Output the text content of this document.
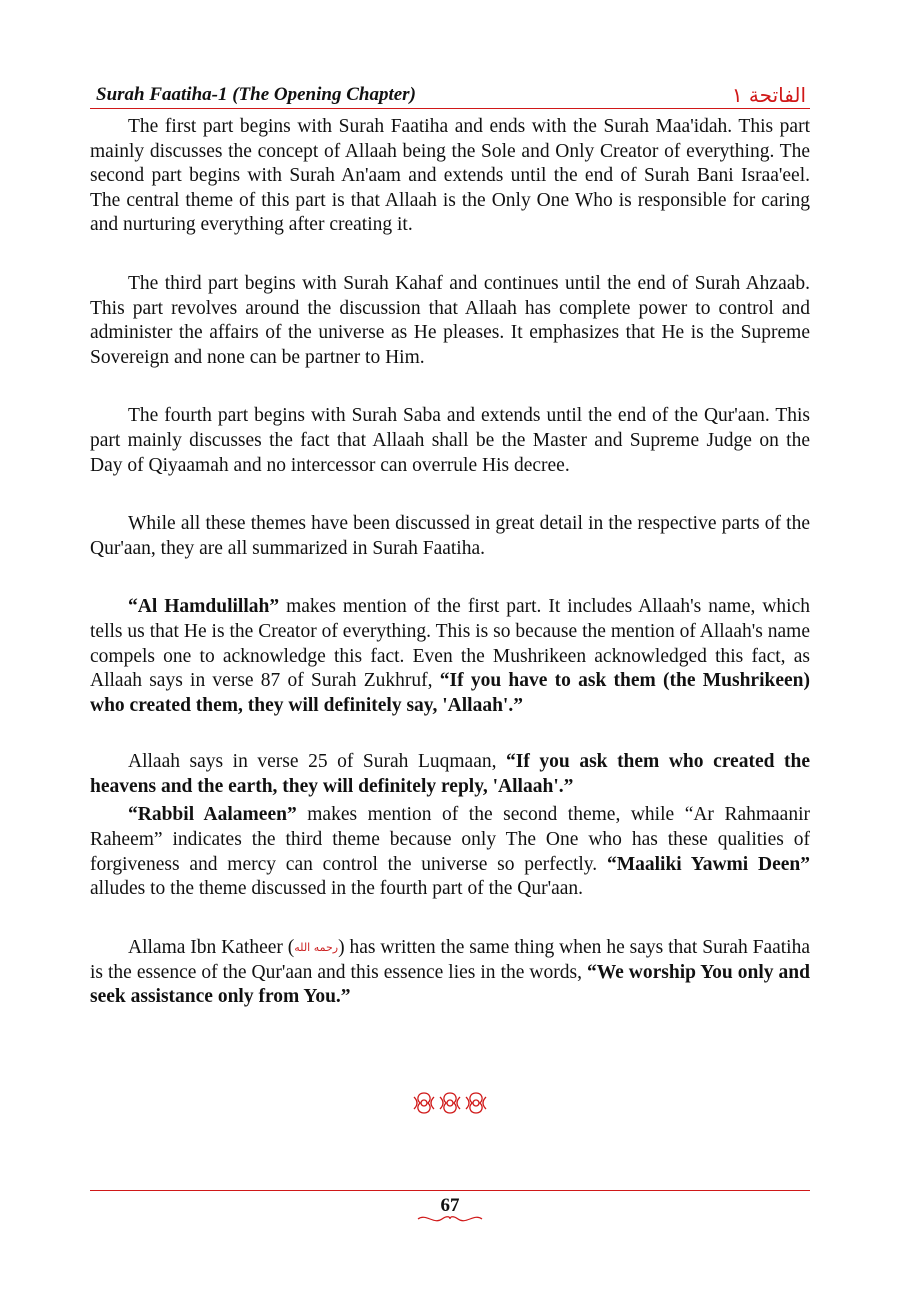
Surah Faatiha-1 (The Opening Chapter)	الفاتحة ١

The first part begins with Surah Faatiha and ends with the Surah Maa'idah. This part mainly discusses the concept of Allaah being the Sole and Only Creator of everything. The second part begins with Surah An'aam and extends until the end of Surah Bani Israa'eel. The central theme of this part is that Allaah is the Only One Who is responsible for caring and nurturing everything after creating it.

The third part begins with Surah Kahaf and continues until the end of Surah Ahzaab. This part revolves around the discussion that Allaah has complete power to control and administer the affairs of the universe as He pleases. It emphasizes that He is the Supreme Sovereign and none can be partner to Him.

The fourth part begins with Surah Saba and extends until the end of the Qur'aan. This part mainly discusses the fact that Allaah shall be the Master and Supreme Judge on the Day of Qiyaamah and no intercessor can overrule His decree.

While all these themes have been discussed in great detail in the respective parts of the Qur'aan, they are all summarized in Surah Faatiha.

“Al Hamdulillah” makes mention of the first part. It includes Allaah's name, which tells us that He is the Creator of everything. This is so because the mention of Allaah's name compels one to acknowledge this fact. Even the Mushrikeen acknowledged this fact, as Allaah says in verse 87 of Surah Zukhruf, “If you have to ask them (the Mushrikeen) who created them, they will definitely say, 'Allaah'.”

Allaah says in verse 25 of Surah Luqmaan, “If you ask them who created the heavens and the earth, they will definitely reply, 'Allaah'.”

“Rabbil Aalameen” makes mention of the second theme, while “Ar Rahmaanir Raheem” indicates the third theme because only The One who has these qualities of forgiveness and mercy can control the universe so perfectly. “Maaliki Yawmi Deen” alludes to the theme discussed in the fourth part of the Qur'aan.

Allama Ibn Katheer (رحمه الله) has written the same thing when he says that Surah Faatiha is the essence of the Qur'aan and this essence lies in the words, “We worship You only and seek assistance only from You.”

67
